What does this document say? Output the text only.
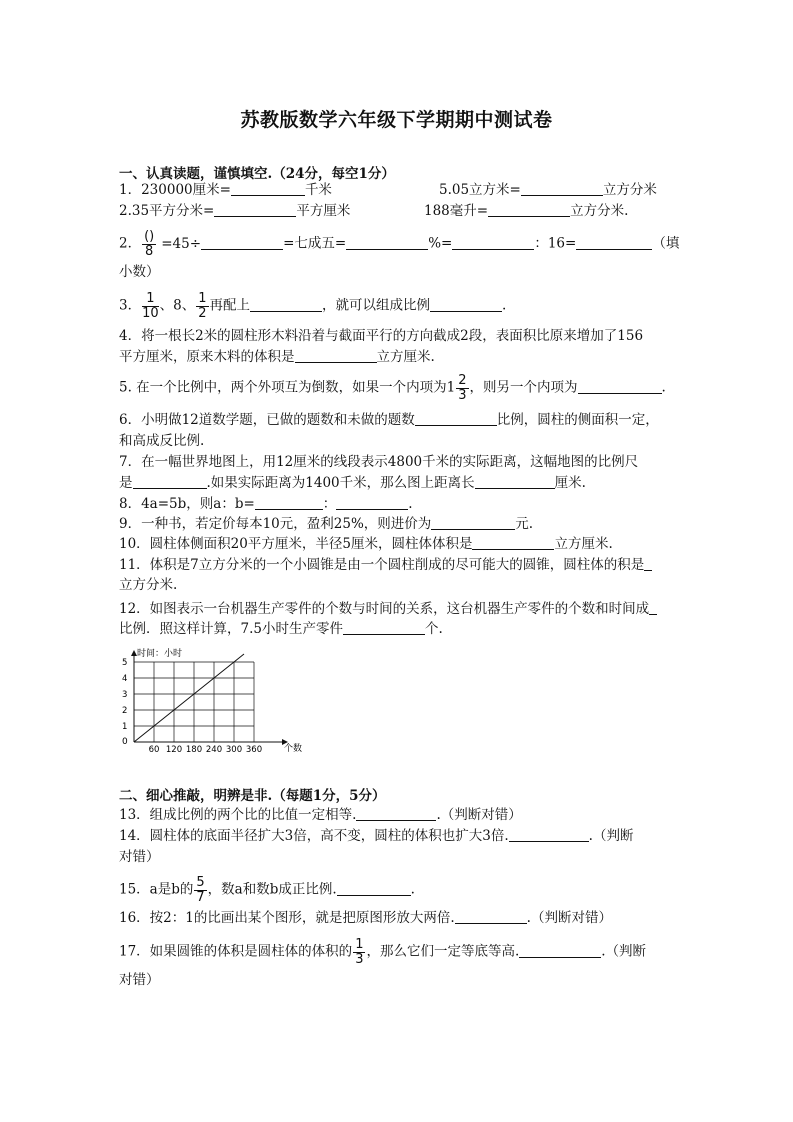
苏教版数学六年级下学期期中测试卷
一、认真读题，谨慎填空.（24分，每空1分）
1．230000厘米=	千米	5.05立方米=	立方分米
2.35平方分米=	平方厘米	188毫升=	立方分米.
2． $\frac{()}{8} =45\div$	=七成五=	%=	：16=	（填
小数）
3． $\frac{1}{10}$ 、8、 $\frac{1}{2}$ 再配上	，就可以组成比例	.
4．将一根长2米的圆柱形木料沿着与截面平行的方向截成2段，表面积比原来增加了156
平方厘米，原来木料的体积是	立方厘米.
5. 在一个比例中，两个外项互为倒数，如果一个内项为$1 \frac{2}{3}$ ，则另一个内项为	.
6．小明做12道数学题，已做的题数和未做的题数	比例，圆柱的侧面积一定，
和高成反比例.
7．在一幅世界地图上，用12厘米的线段表示4800千米的实际距离，这幅地图的比例尺
是	.如果实际距离为1400千米，那么图上距离长	厘米.
8．4a=5b，则a：b=	：	.
9．一种书，若定价每本10元，盈利25%，则进价为	元.
10．圆柱体侧面积20平方厘米，半径5厘米，圆柱体体积是	立方厘米.
11．体积是7立方分米的一个小圆锥是由一个圆柱削成的尽可能大的圆锥，圆柱体的积是
立方分米.
12．如图表示一台机器生产零件的个数与时间的关系，这台机器生产零件的个数和时间成
比例．照这样计算，7.5小时生产零件	个.
时间：小时
个数
0
60 120 180 240 300 360
1
2
3
4
5
二、细心推敲，明辨是非.（每题1分，5分）
13．组成比例的两个比的比值一定相等.	.（判断对错）
14．圆柱体的底面半径扩大3倍，高不变，圆柱的体积也扩大3倍.	.（判断
对错）
15．a是b的 $\frac{5}{7}$ ，数a和数b成正比例.	.
16．按2：1的比画出某个图形，就是把原图形放大两倍.	.（判断对错）
17．如果圆锥的体积是圆柱体的体积的 $\frac{1}{3}$ ，那么它们一定等底等高.	.（判断
对错）
